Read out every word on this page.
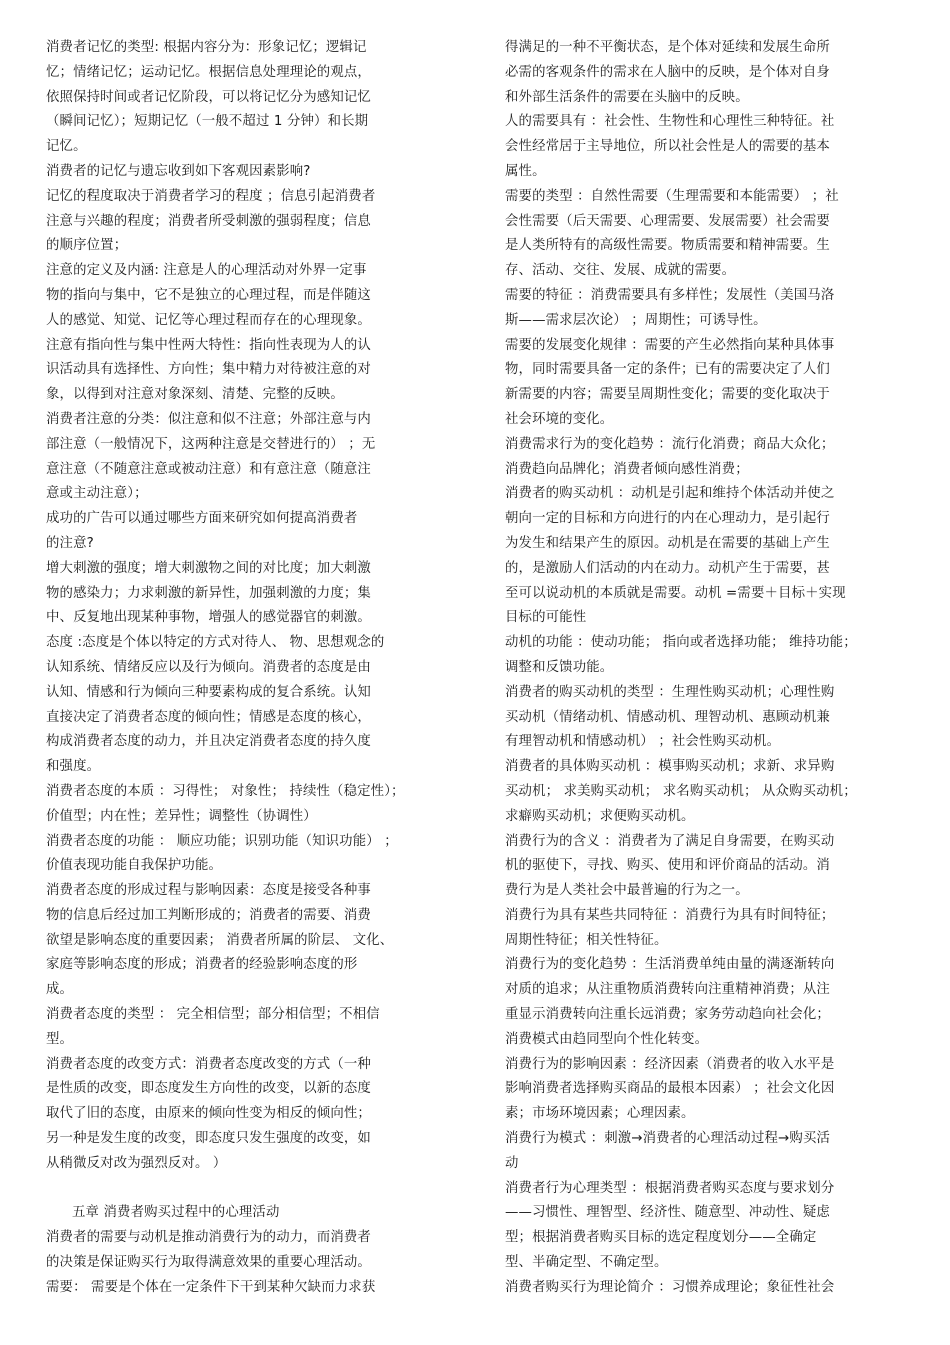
消费者记忆的类型: 根据内容分为：形象记忆；逻辑记
忆；情绪记忆；运动记忆。根据信息处理理论的观点，
依照保持时间或者记忆阶段，可以将记忆分为感知记忆
（瞬间记忆）；短期记忆（一般不超过 1 分钟）和长期
记忆。
消费者的记忆与遗忘收到如下客观因素影响?
记忆的程度取决于消费者学习的程度 ；信息引起消费者
注意与兴趣的程度；消费者所受刺激的强弱程度；信息
的顺序位置；
注意的定义及内涵: 注意是人的心理活动对外界一定事
物的指向与集中，它不是独立的心理过程，而是伴随这
人的感觉、知觉、记忆等心理过程而存在的心理现象。
注意有指向性与集中性两大特性：指向性表现为人的认
识活动具有选择性、方向性；集中精力对待被注意的对
象，以得到对注意对象深刻、清楚、完整的反映。
消费者注意的分类：似注意和似不注意；外部注意与内
部注意（一般情况下，这两种注意是交替进行的） ；无
意注意（不随意注意或被动注意）和有意注意（随意注
意或主动注意）；
成功的广告可以通过哪些方面来研究如何提高消费者
的注意?
增大刺激的强度；增大刺激物之间的对比度；加大刺激
物的感染力；力求刺激的新异性，加强刺激的力度；集
中、反复地出现某种事物，增强人的感觉器官的刺激。
态度 :态度是个体以特定的方式对待人、 物、思想观念的
认知系统、情绪反应以及行为倾向。消费者的态度是由
认知、情感和行为倾向三种要素构成的复合系统。认知
直接决定了消费者态度的倾向性；情感是态度的核心，
构成消费者态度的动力，并且决定消费者态度的持久度
和强度。
消费者态度的本质 ：习得性； 对象性； 持续性（稳定性）；
价值型；内在性；差异性；调整性（协调性）
消费者态度的功能 ： 顺应功能；识别功能（知识功能） ；
价值表现功能自我保护功能。
消费者态度的形成过程与影响因素：态度是接受各种事
物的信息后经过加工判断形成的；消费者的需要、消费
欲望是影响态度的重要因素； 消费者所属的阶层、 文化、
家庭等影响态度的形成；消费者的经验影响态度的形
成。
消费者态度的类型 ： 完全相信型；部分相信型；不相信
型。
消费者态度的改变方式：消费者态度改变的方式（一种
是性质的改变，即态度发生方向性的改变，以新的态度
取代了旧的态度，由原来的倾向性变为相反的倾向性；
另一种是发生度的改变，即态度只发生强度的改变，如
从稍微反对改为强烈反对。 ）
五章 消费者购买过程中的心理活动
消费者的需要与动机是推动消费行为的动力，而消费者
的决策是保证购买行为取得满意效果的重要心理活动。
需要： 需要是个体在一定条件下干到某种欠缺而力求获
得满足的一种不平衡状态，是个体对延续和发展生命所
必需的客观条件的需求在人脑中的反映，是个体对自身
和外部生活条件的需要在头脑中的反映。
人的需要具有 ：社会性、生物性和心理性三种特征。社
会性经常居于主导地位，所以社会性是人的需要的基本
属性。
需要的类型 ：自然性需要（生理需要和本能需要） ；社
会性需要（后天需要、心理需要、发展需要）社会需要
是人类所特有的高级性需要。物质需要和精神需要。生
存、活动、交往、发展、成就的需要。
需要的特征 ：消费需要具有多样性；发展性（美国马洛
斯——需求层次论） ；周期性；可诱导性。
需要的发展变化规律 ：需要的产生必然指向某种具体事
物，同时需要具备一定的条件；已有的需要决定了人们
新需要的内容；需要呈周期性变化；需要的变化取决于
社会环境的变化。
消费需求行为的变化趋势 ：流行化消费；商品大众化；
消费趋向品牌化；消费者倾向感性消费；
消费者的购买动机 ：动机是引起和维持个体活动并使之
朝向一定的目标和方向进行的内在心理动力，是引起行
为发生和结果产生的原因。动机是在需要的基础上产生
的，是激励人们活动的内在动力。动机产生于需要，甚
至可以说动机的本质就是需要。动机 =需要＋目标＋实现
目标的可能性
动机的功能 ：使动功能； 指向或者选择功能； 维持功能；
调整和反馈功能。
消费者的购买动机的类型 ：生理性购买动机；心理性购
买动机（情绪动机、情感动机、理智动机、惠顾动机兼
有理智动机和情感动机） ；社会性购买动机。
消费者的具体购买动机 ：模事购买动机；求新、求异购
买动机； 求美购买动机； 求名购买动机； 从众购买动机；
求癖购买动机；求便购买动机。
消费行为的含义 ：消费者为了满足自身需要，在购买动
机的驱使下，寻找、购买、使用和评价商品的活动。消
费行为是人类社会中最普遍的行为之一。
消费行为具有某些共同特征 ：消费行为具有时间特征；
周期性特征；相关性特征。
消费行为的变化趋势 ：生活消费单纯由量的满逐渐转向
对质的追求；从注重物质消费转向注重精神消费；从注
重显示消费转向注重长远消费；家务劳动趋向社会化；
消费模式由趋同型向个性化转变。
消费行为的影响因素 ：经济因素（消费者的收入水平是
影响消费者选择购买商品的最根本因素） ；社会文化因
素；市场环境因素；心理因素。
消费行为模式 ：刺激→消费者的心理活动过程→购买活
动
消费者行为心理类型 ：根据消费者购买态度与要求划分
——习惯性、理智型、经济性、随意型、冲动性、疑虑
型；根据消费者购买目标的选定程度划分——全确定
型、半确定型、不确定型。
消费者购买行为理论简介 ：习惯养成理论；象征性社会
